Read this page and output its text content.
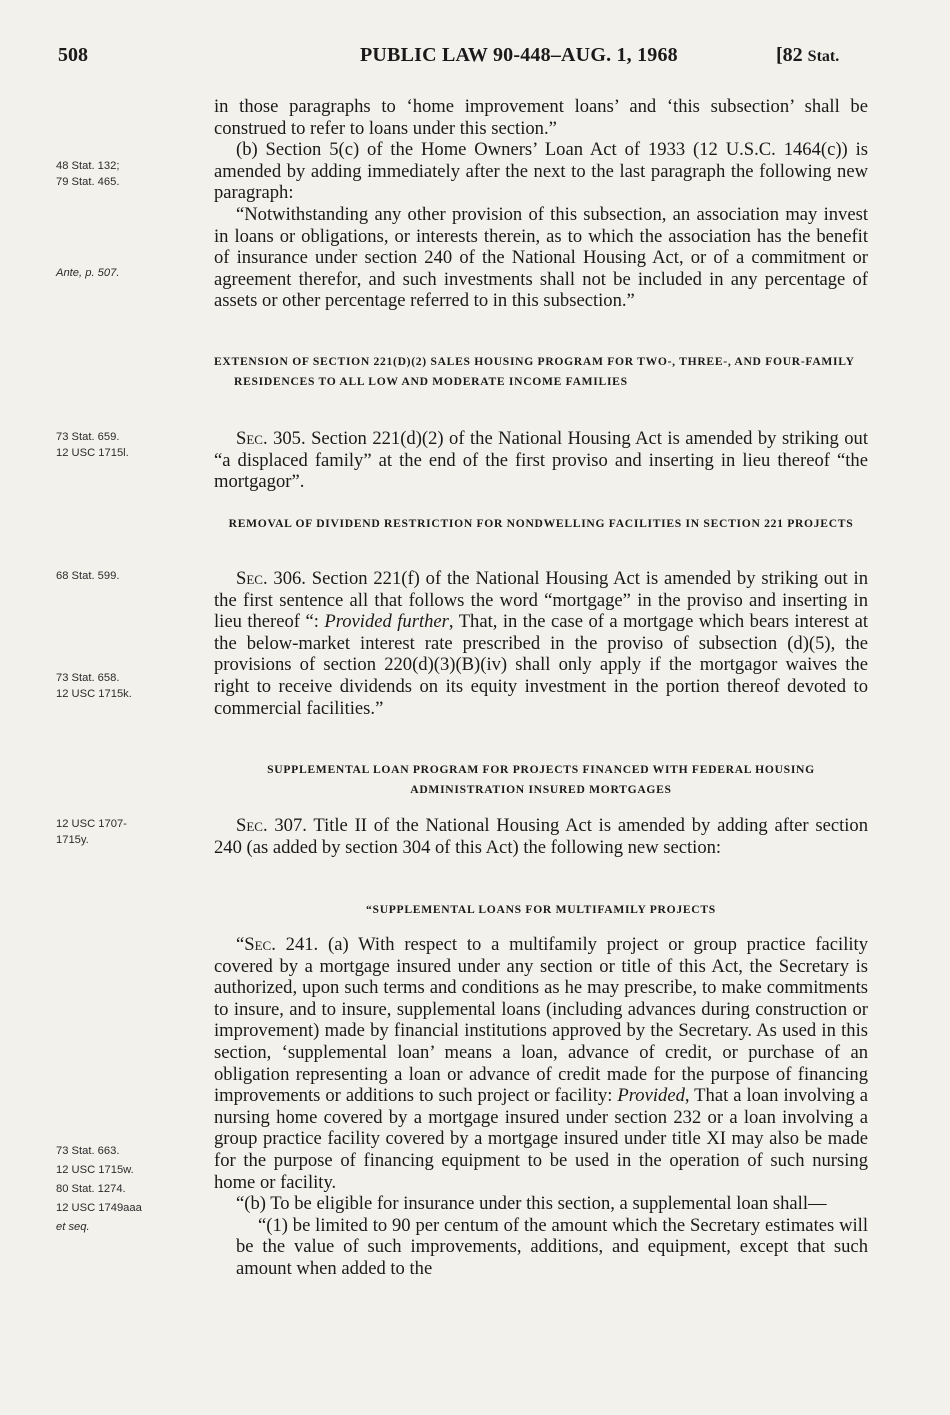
508	PUBLIC LAW 90-448–AUG. 1, 1968	[82 Stat.
48 Stat. 132;
79 Stat. 465.
Ante, p. 507.
73 Stat. 659.
12 USC 1715l.
68 Stat. 599.
73 Stat. 658.
12 USC 1715k.
12 USC 1707-
1715y.
73 Stat. 663.
12 USC 1715w.
80 Stat. 1274.
12 USC 1749aaa
et seq.

in those paragraphs to ‘home improvement loans’ and ‘this subsection’ shall be construed to refer to loans under this section.”

(b) Section 5(c) of the Home Owners’ Loan Act of 1933 (12 U.S.C. 1464(c)) is amended by adding immediately after the next to the last paragraph the following new paragraph:

“Notwithstanding any other provision of this subsection, an association may invest in loans or obligations, or interests therein, as to which the association has the benefit of insurance under section 240 of the National Housing Act, or of a commitment or agreement therefor, and such investments shall not be included in any percentage of assets or other percentage referred to in this subsection.”

EXTENSION OF SECTION 221(D)(2) SALES HOUSING PROGRAM FOR TWO-, THREE-, AND FOUR-FAMILY RESIDENCES TO ALL LOW AND MODERATE INCOME FAMILIES

Sec. 305. Section 221(d)(2) of the National Housing Act is amended by striking out “a displaced family” at the end of the first proviso and inserting in lieu thereof “the mortgagor”.

REMOVAL OF DIVIDEND RESTRICTION FOR NONDWELLING FACILITIES IN SECTION 221 PROJECTS

Sec. 306. Section 221(f) of the National Housing Act is amended by striking out in the first sentence all that follows the word “mortgage” in the proviso and inserting in lieu thereof “: Provided further, That, in the case of a mortgage which bears interest at the below-market interest rate prescribed in the proviso of subsection (d)(5), the provisions of section 220(d)(3)(B)(iv) shall only apply if the mortgagor waives the right to receive dividends on its equity investment in the portion thereof devoted to commercial facilities.”

SUPPLEMENTAL LOAN PROGRAM FOR PROJECTS FINANCED WITH FEDERAL HOUSING ADMINISTRATION INSURED MORTGAGES

Sec. 307. Title II of the National Housing Act is amended by adding after section 240 (as added by section 304 of this Act) the following new section:

“SUPPLEMENTAL LOANS FOR MULTIFAMILY PROJECTS

“Sec. 241. (a) With respect to a multifamily project or group practice facility covered by a mortgage insured under any section or title of this Act, the Secretary is authorized, upon such terms and conditions as he may prescribe, to make commitments to insure, and to insure, supplemental loans (including advances during construction or improvement) made by financial institutions approved by the Secretary. As used in this section, ‘supplemental loan’ means a loan, advance of credit, or purchase of an obligation representing a loan or advance of credit made for the purpose of financing improvements or additions to such project or facility: Provided, That a loan involving a nursing home covered by a mortgage insured under section 232 or a loan involving a group practice facility covered by a mortgage insured under title XI may also be made for the purpose of financing equipment to be used in the operation of such nursing home or facility.

“(b) To be eligible for insurance under this section, a supplemental loan shall—

“(1) be limited to 90 per centum of the amount which the Secretary estimates will be the value of such improvements, additions, and equipment, except that such amount when added to the
